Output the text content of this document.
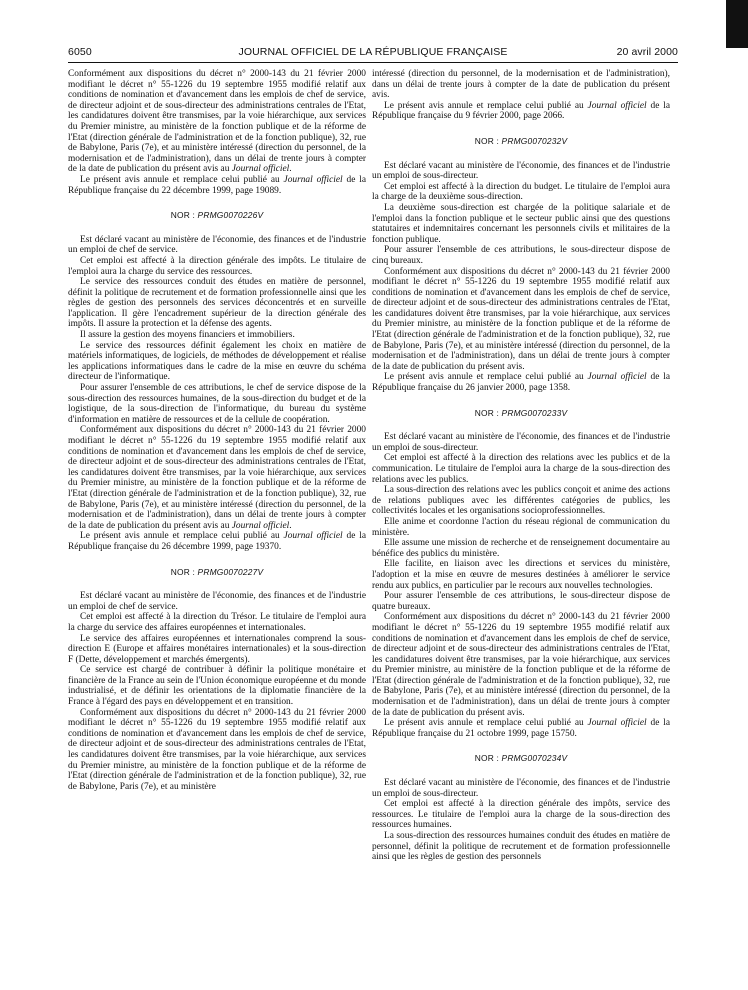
6050	JOURNAL OFFICIEL DE LA RÉPUBLIQUE FRANÇAISE	20 avril 2000

Conformément aux dispositions du décret n° 2000-143 du 21 février 2000 modifiant le décret n° 55-1226 du 19 septembre 1955 modifié relatif aux conditions de nomination et d'avancement dans les emplois de chef de service, de directeur adjoint et de sous-directeur des administrations centrales de l'Etat, les candidatures doivent être transmises, par la voie hiérarchique, aux services du Premier ministre, au ministère de la fonction publique et de la réforme de l'Etat (direction générale de l'administration et de la fonction publique), 32, rue de Babylone, Paris (7e), et au ministère intéressé (direction du personnel, de la modernisation et de l'administration), dans un délai de trente jours à compter de la date de publication du présent avis au Journal officiel.

Le présent avis annule et remplace celui publié au Journal officiel de la République française du 22 décembre 1999, page 19089.

NOR : PRMG0070226V

Est déclaré vacant au ministère de l'économie, des finances et de l'industrie un emploi de chef de service.

Cet emploi est affecté à la direction générale des impôts. Le titulaire de l'emploi aura la charge du service des ressources.

Le service des ressources conduit des études en matière de personnel, définit la politique de recrutement et de formation professionnelle ainsi que les règles de gestion des personnels des services déconcentrés et en surveille l'application. Il gère l'encadrement supérieur de la direction générale des impôts. Il assure la protection et la défense des agents.

Il assure la gestion des moyens financiers et immobiliers.

Le service des ressources définit également les choix en matière de matériels informatiques, de logiciels, de méthodes de développement et réalise les applications informatiques dans le cadre de la mise en œuvre du schéma directeur de l'informatique.

Pour assurer l'ensemble de ces attributions, le chef de service dispose de la sous-direction des ressources humaines, de la sous-direction du budget et de la logistique, de la sous-direction de l'informatique, du bureau du système d'information en matière de ressources et de la cellule de coopération.

Conformément aux dispositions du décret n° 2000-143 du 21 février 2000 modifiant le décret n° 55-1226 du 19 septembre 1955 modifié relatif aux conditions de nomination et d'avancement dans les emplois de chef de service, de directeur adjoint et de sous-directeur des administrations centrales de l'Etat, les candidatures doivent être transmises, par la voie hiérarchique, aux services du Premier ministre, au ministère de la fonction publique et de la réforme de l'Etat (direction générale de l'administration et de la fonction publique), 32, rue de Babylone, Paris (7e), et au ministère intéressé (direction du personnel, de la modernisation et de l'administration), dans un délai de trente jours à compter de la date de publication du présent avis au Journal officiel.

Le présent avis annule et remplace celui publié au Journal officiel de la République française du 26 décembre 1999, page 19370.

NOR : PRMG0070227V

Est déclaré vacant au ministère de l'économie, des finances et de l'industrie un emploi de chef de service.

Cet emploi est affecté à la direction du Trésor. Le titulaire de l'emploi aura la charge du service des affaires européennes et internationales.

Le service des affaires européennes et internationales comprend la sous-direction E (Europe et affaires monétaires internationales) et la sous-direction F (Dette, développement et marchés émergents).

Ce service est chargé de contribuer à définir la politique monétaire et financière de la France au sein de l'Union économique européenne et du monde industrialisé, et de définir les orientations de la diplomatie financière de la France à l'égard des pays en développement et en transition.

Conformément aux dispositions du décret n° 2000-143 du 21 février 2000 modifiant le décret n° 55-1226 du 19 septembre 1955 modifié relatif aux conditions de nomination et d'avancement dans les emplois de chef de service, de directeur adjoint et de sous-directeur des administrations centrales de l'Etat, les candidatures doivent être transmises, par la voie hiérarchique, aux services du Premier ministre, au ministère de la fonction publique et de la réforme de l'Etat (direction générale de l'administration et de la fonction publique), 32, rue de Babylone, Paris (7e), et au ministère

intéressé (direction du personnel, de la modernisation et de l'administration), dans un délai de trente jours à compter de la date de publication du présent avis.

Le présent avis annule et remplace celui publié au Journal officiel de la République française du 9 février 2000, page 2066.

NOR : PRMG0070232V

Est déclaré vacant au ministère de l'économie, des finances et de l'industrie un emploi de sous-directeur.

Cet emploi est affecté à la direction du budget. Le titulaire de l'emploi aura la charge de la deuxième sous-direction.

La deuxième sous-direction est chargée de la politique salariale et de l'emploi dans la fonction publique et le secteur public ainsi que des questions statutaires et indemnitaires concernant les personnels civils et militaires de la fonction publique.

Pour assurer l'ensemble de ces attributions, le sous-directeur dispose de cinq bureaux.

Conformément aux dispositions du décret n° 2000-143 du 21 février 2000 modifiant le décret n° 55-1226 du 19 septembre 1955 modifié relatif aux conditions de nomination et d'avancement dans les emplois de chef de service, de directeur adjoint et de sous-directeur des administrations centrales de l'Etat, les candidatures doivent être transmises, par la voie hiérarchique, aux services du Premier ministre, au ministère de la fonction publique et de la réforme de l'Etat (direction générale de l'administration et de la fonction publique), 32, rue de Babylone, Paris (7e), et au ministère intéressé (direction du personnel, de la modernisation et de l'administration), dans un délai de trente jours à compter de la date de publication du présent avis.

Le présent avis annule et remplace celui publié au Journal officiel de la République française du 26 janvier 2000, page 1358.

NOR : PRMG0070233V

Est déclaré vacant au ministère de l'économie, des finances et de l'industrie un emploi de sous-directeur.

Cet emploi est affecté à la direction des relations avec les publics et de la communication. Le titulaire de l'emploi aura la charge de la sous-direction des relations avec les publics.

La sous-direction des relations avec les publics conçoit et anime des actions de relations publiques avec les différentes catégories de publics, les collectivités locales et les organisations socioprofessionnelles.

Elle anime et coordonne l'action du réseau régional de communication du ministère.

Elle assume une mission de recherche et de renseignement documentaire au bénéfice des publics du ministère.

Elle facilite, en liaison avec les directions et services du ministère, l'adoption et la mise en œuvre de mesures destinées à améliorer le service rendu aux publics, en particulier par le recours aux nouvelles technologies.

Pour assurer l'ensemble de ces attributions, le sous-directeur dispose de quatre bureaux.

Conformément aux dispositions du décret n° 2000-143 du 21 février 2000 modifiant le décret n° 55-1226 du 19 septembre 1955 modifié relatif aux conditions de nomination et d'avancement dans les emplois de chef de service, de directeur adjoint et de sous-directeur des administrations centrales de l'Etat, les candidatures doivent être transmises, par la voie hiérarchique, aux services du Premier ministre, au ministère de la fonction publique et de la réforme de l'Etat (direction générale de l'administration et de la fonction publique), 32, rue de Babylone, Paris (7e), et au ministère intéressé (direction du personnel, de la modernisation et de l'administration), dans un délai de trente jours à compter de la date de publication du présent avis.

Le présent avis annule et remplace celui publié au Journal officiel de la République française du 21 octobre 1999, page 15750.

NOR : PRMG0070234V

Est déclaré vacant au ministère de l'économie, des finances et de l'industrie un emploi de sous-directeur.

Cet emploi est affecté à la direction générale des impôts, service des ressources. Le titulaire de l'emploi aura la charge de la sous-direction des ressources humaines.

La sous-direction des ressources humaines conduit des études en matière de personnel, définit la politique de recrutement et de formation professionnelle ainsi que les règles de gestion des personnels
